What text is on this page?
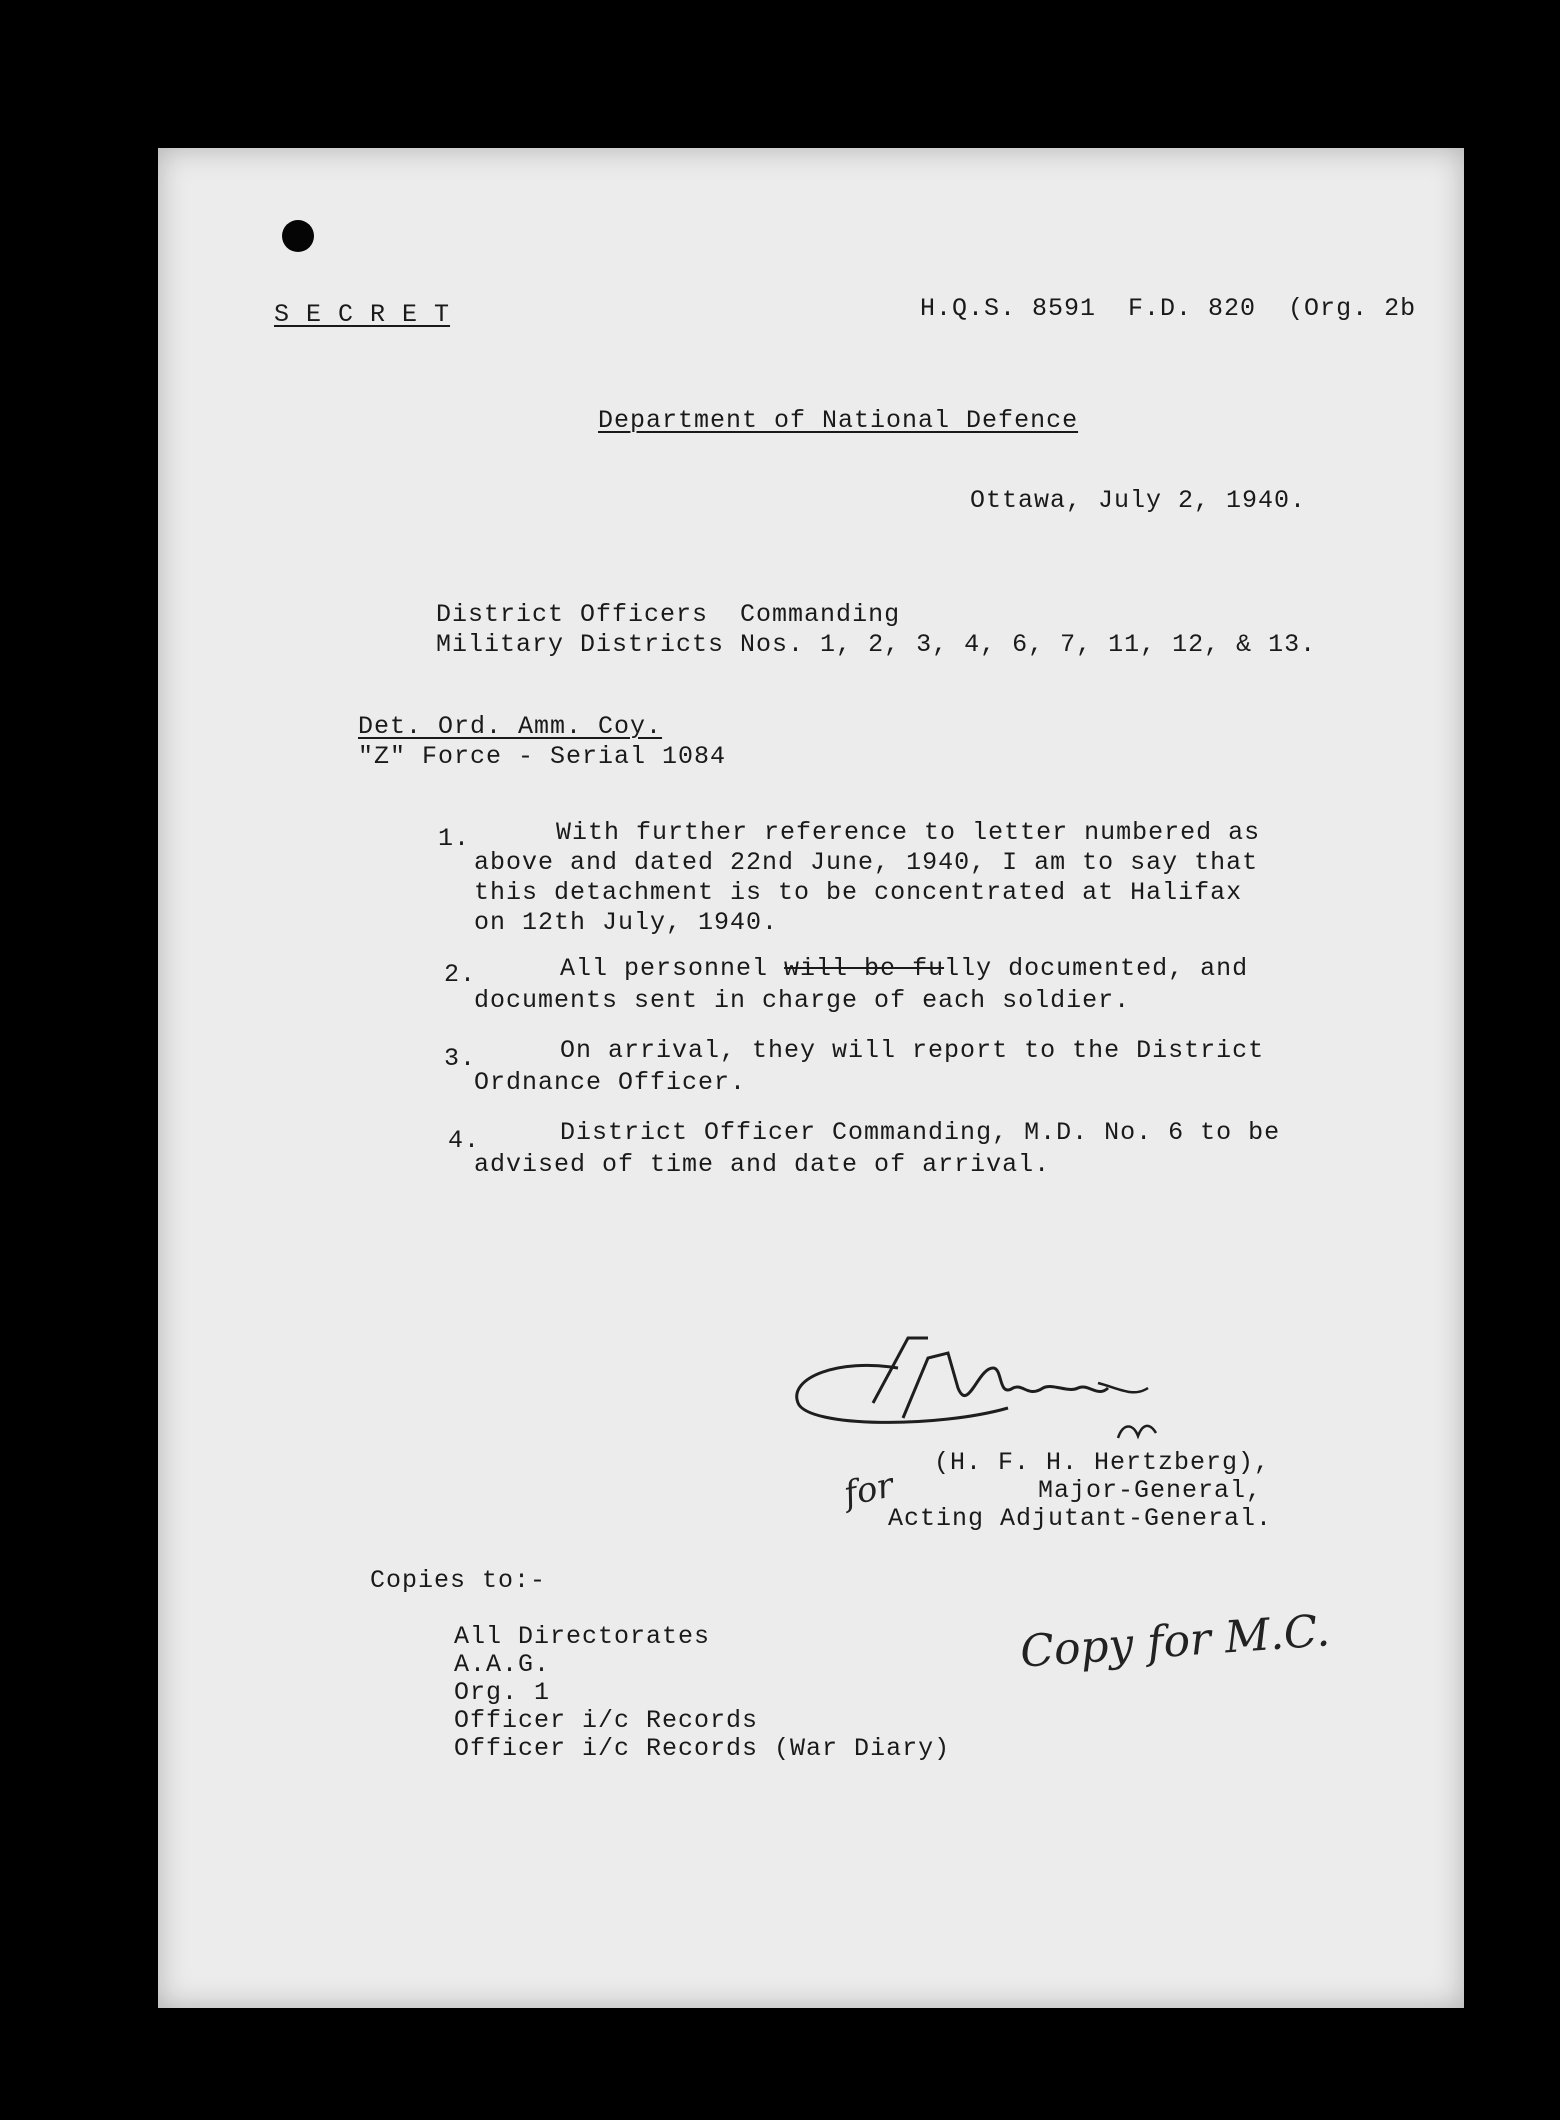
S E C R E T	H.Q.S. 8591  F.D. 820  (Org. 2b
Department of National Defence
Ottawa, July 2, 1940.
District Officers  Commanding
Military Districts Nos. 1, 2, 3, 4, 6, 7, 11, 12, & 13.
Det. Ord. Amm. Coy.
"Z" Force - Serial 1084
1.	With further reference to letter numbered as
above and dated 22nd June, 1940, I am to say that
this detachment is to be concentrated at Halifax
on 12th July, 1940.
2.	All personnel will be fully documented, and
documents sent in charge of each soldier.
3.	On arrival, they will report to the District
Ordnance Officer.
4.	District Officer Commanding, M.D. No. 6 to be
advised of time and date of arrival.
(H. F. H. Hertzberg),
Major-General,
Acting Adjutant-General.
for
Copies to:-
All Directorates
A.A.G.
Org. 1
Officer i/c Records
Officer i/c Records (War Diary)
Copy for M.C.
